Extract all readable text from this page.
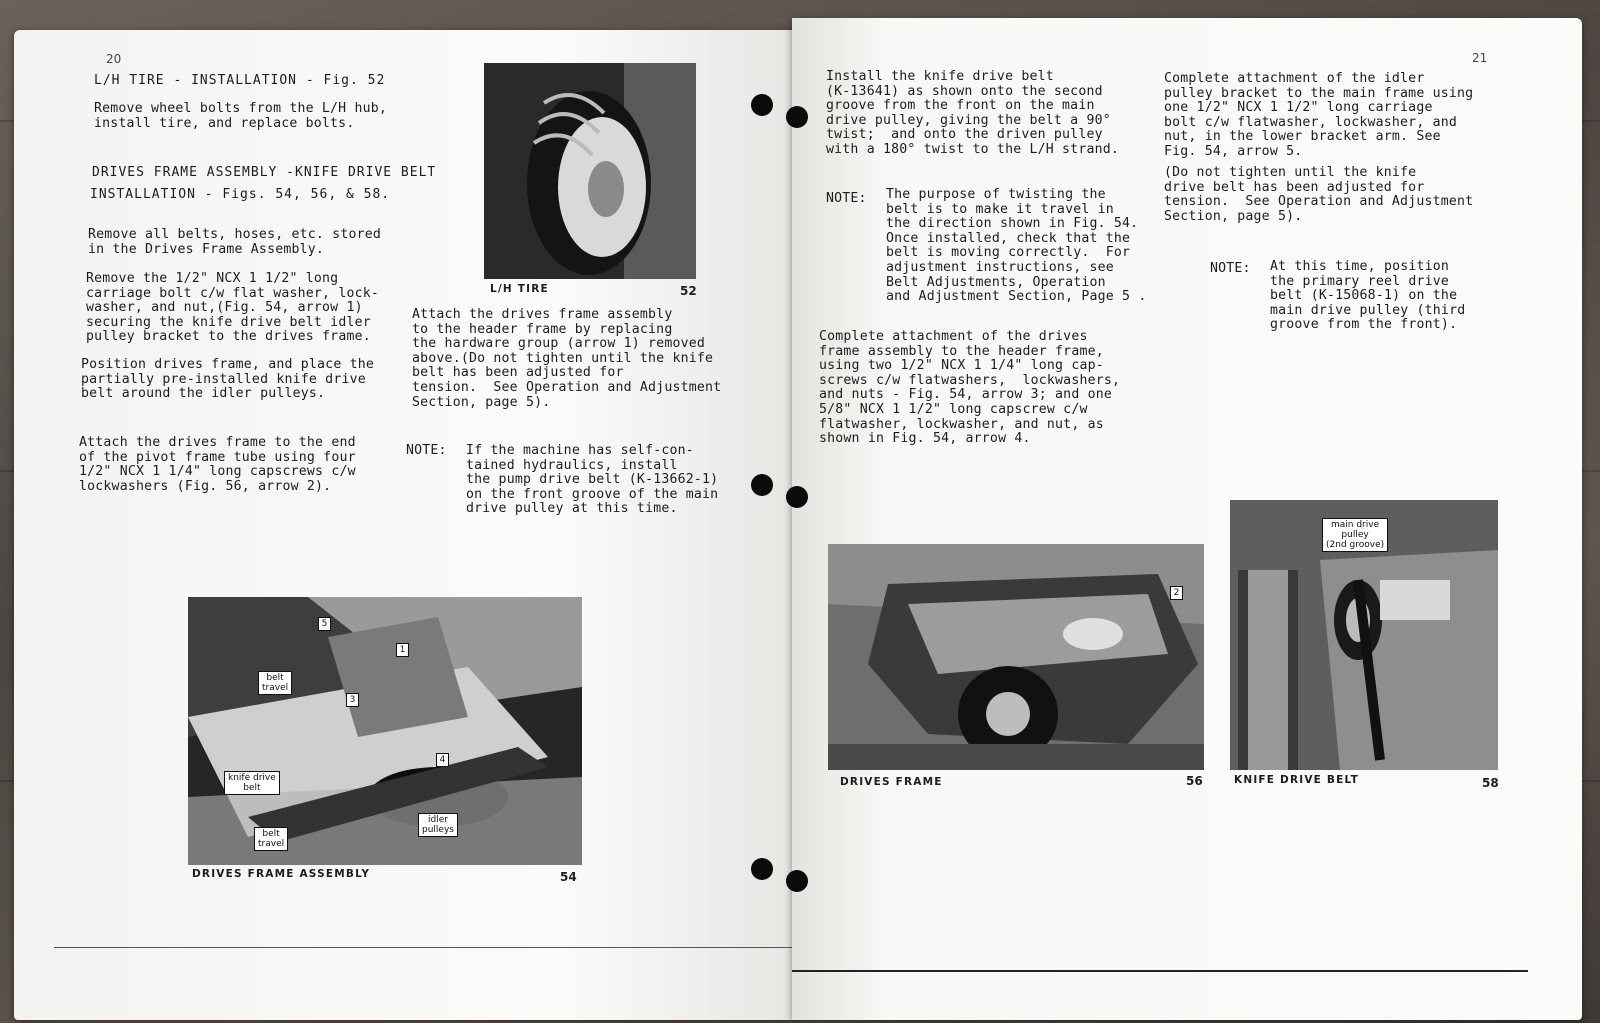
20
L/H TIRE - INSTALLATION - Fig. 52
Remove wheel bolts from the L/H hub,
install tire, and replace bolts.
DRIVES FRAME ASSEMBLY -KNIFE DRIVE BELT
INSTALLATION - Figs. 54, 56, & 58.
Remove all belts, hoses, etc. stored
in the Drives Frame Assembly.
Remove the 1/2" NCX 1 1/2" long
carriage bolt c/w flat washer, lock-
washer, and nut,(Fig. 54, arrow 1)
securing the knife drive belt idler
pulley bracket to the drives frame.
Position drives frame, and place the
partially pre-installed knife drive
belt around the idler pulleys.
Attach the drives frame to the end
of the pivot frame tube using four
1/2" NCX 1 1/4" long capscrews c/w
lockwashers (Fig. 56, arrow 2).
Attach the drives frame assembly
to the header frame by replacing
the hardware group (arrow 1) removed
above.(Do not tighten until the knife
belt has been adjusted for
tension.  See Operation and Adjustment
Section, page 5).
NOTE: If the machine has self-con-
tained hydraulics, install
the pump drive belt (K-13662-1)
on the front groove of the main
drive pulley at this time.
L/H TIRE	52
belt
travel
knife drive
belt
belt
travel
idler
pulleys
5
1
3
4
DRIVES FRAME ASSEMBLY	54
21
Install the knife drive belt
(K-13641) as shown onto the second
groove from the front on the main
drive pulley, giving the belt a 90°
twist;  and onto the driven pulley
with a 180° twist to the L/H strand.
NOTE: The purpose of twisting the
belt is to make it travel in
the direction shown in Fig. 54.
Once installed, check that the
belt is moving correctly.  For
adjustment instructions, see
Belt Adjustments, Operation
and Adjustment Section, Page 5 .
Complete attachment of the drives
frame assembly to the header frame,
using two 1/2" NCX 1 1/4" long cap-
screws c/w flatwashers,  lockwashers,
and nuts - Fig. 54, arrow 3; and one
5/8" NCX 1 1/2" long capscrew c/w
flatwasher, lockwasher, and nut, as
shown in Fig. 54, arrow 4.
Complete attachment of the idler
pulley bracket to the main frame using
one 1/2" NCX 1 1/2" long carriage
bolt c/w flatwasher, lockwasher, and
nut, in the lower bracket arm. See
Fig. 54, arrow 5.
(Do not tighten until the knife
drive belt has been adjusted for
tension.  See Operation and Adjustment
Section, page 5).
NOTE: At this time, position
the primary reel drive
belt (K-15068-1) on the
main drive pulley (third
groove from the front).
2
DRIVES FRAME	56
main drive
pulley
(2nd groove)
KNIFE DRIVE BELT	58
